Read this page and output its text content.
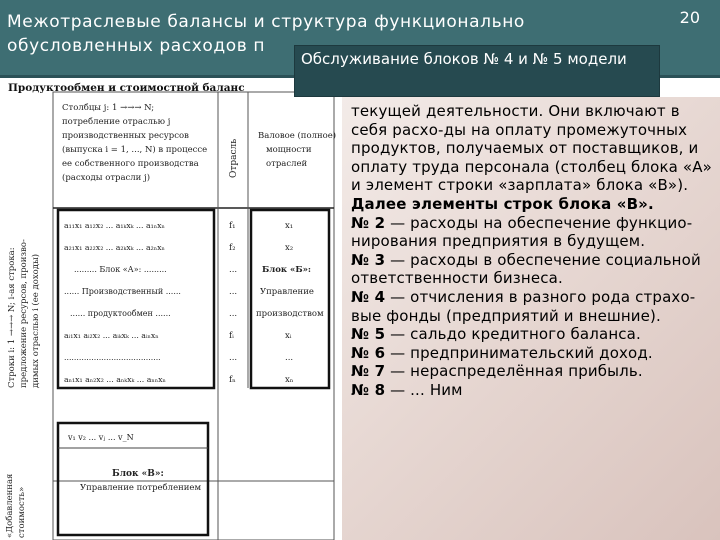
Межотраслевые балансы и структура функционально обусловленных расходов п
20
Продуктообмен и стоимостной баланс
Столбцы j: 1 →→→ N;
потребление отраслью j
производственных ресурсов
(выпуска i = 1, ..., N) в процессе
ее собственного производства
(расходы отрасли j)	Отрасль
Валовое (полное)
мощности
отраслей
Строки i: 1 →→→ N; i-ая строка: предложение ресурсов, произво- димых отраслью i (ее доходы)
«Добавленная стоимость»
a₁₁x₁ a₁₂x₂ ... a₁ₖxₖ ... a₁ₙxₙ
a₂₁x₁ a₂₂x₂ ... a₂ₖxₖ ... a₂ₙxₙ
......... Блок «А»: .........
...... Производственный ......
...... продуктообмен ......
aᵢ₁x₁ aᵢ₂x₂ ... aᵢₖxₖ ... aᵢₙxₙ
.......................................
aₙ₁x₁ aₙ₂x₂ ... aₙₖxₖ ... aₙₙxₙ
f₁
f₂
...
...
...
fᵢ
...
fₙ
x₁
x₂
Блок «Б»:
Управление
производством
xᵢ
...
xₙ
v₁ v₂ ... vⱼ ... v_N
Блок «В»:
Управление потреблением

текущей деятельности. Они включают в себя расхо-ды на оплату промежуточных продуктов, получаемых от поставщиков, и оплату труда персонала (столбец блока «А» и элемент строки «зарплата» блока «В»).

Далее элементы строк блока «В».

№ 2 — расходы на обеспечение функцио-нирования предприятия в будущем.

№ 3 — расходы в обеспечение социальной ответственности бизнеса.

№ 4 — отчисления в разного рода страхо-вые фонды (предприятий и внешние).

№ 5 — сальдо кредитного баланса.

№ 6 — предпринимательский доход.

№ 7 — нераспределённая прибыль.

№ 8 — ... Ним

Обслуживание блоков № 4 и № 5 модели
